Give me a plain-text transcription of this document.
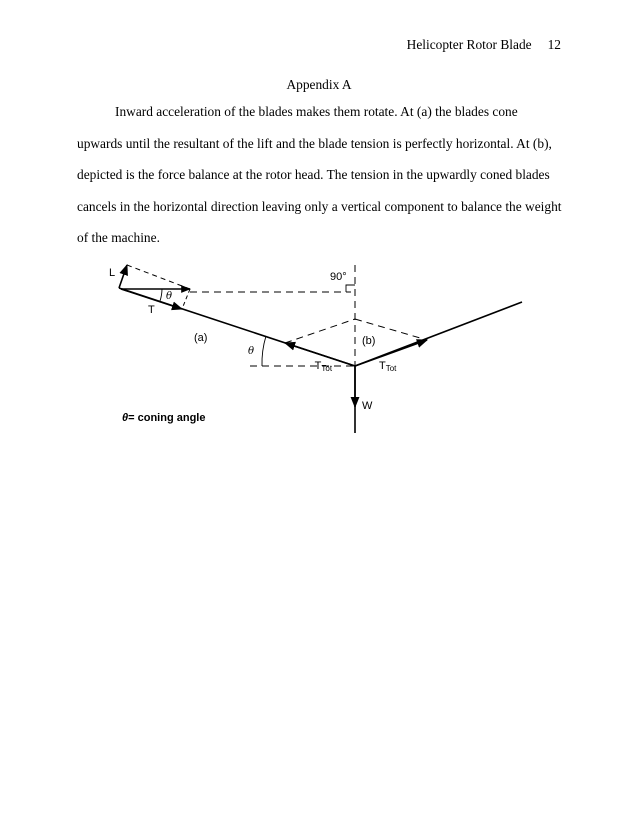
Helicopter Rotor Blade 12
Appendix A

Inward acceleration of the blades makes them rotate. At (a) the blades cone upwards until the resultant of the lift and the blade tension is perfectly horizontal. At (b), depicted is the force balance at the rotor head. The tension in the upwardly coned blades cancels in the horizontal direction leaving only a vertical component to balance the weight of the machine.

L
T
θ
90°
(a)	(b)
θ
-TTot	TTot
W
θ= coning angle
